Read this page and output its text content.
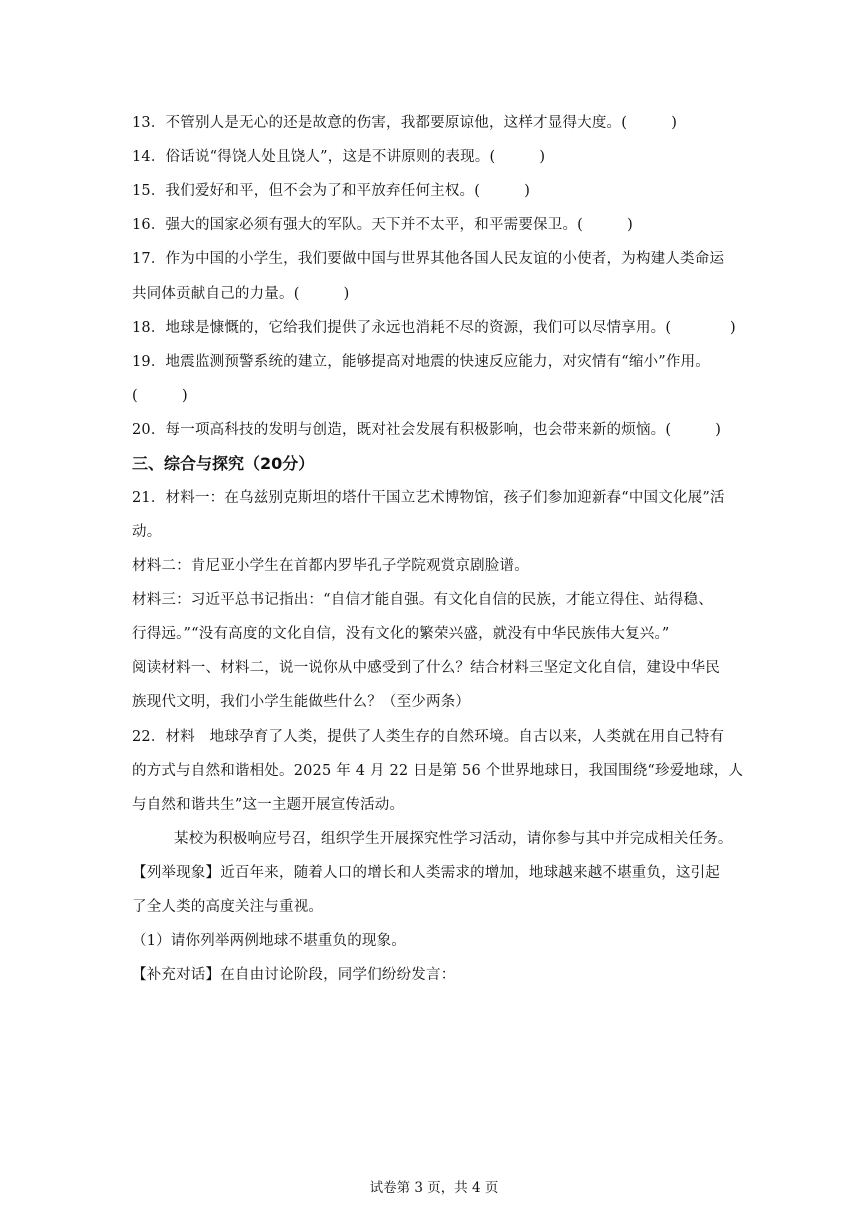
13．不管别人是无心的还是故意的伤害，我都要原谅他，这样才显得大度。(　　　)
14．俗话说“得饶人处且饶人”，这是不讲原则的表现。(　　　)
15．我们爱好和平，但不会为了和平放弃任何主权。(　　　)
16．强大的国家必须有强大的军队。天下并不太平，和平需要保卫。(　　　)
17．作为中国的小学生，我们要做中国与世界其他各国人民友谊的小使者，为构建人类命运
共同体贡献自己的力量。(　　　)
18．地球是慷慨的，它给我们提供了永远也消耗不尽的资源，我们可以尽情享用。(　　　　)
19．地震监测预警系统的建立，能够提高对地震的快速反应能力，对灾情有“缩小”作用。
(　　　)
20．每一项高科技的发明与创造，既对社会发展有积极影响，也会带来新的烦恼。(　　　)
三、综合与探究（20分）
21．材料一：在乌兹别克斯坦的塔什干国立艺术博物馆，孩子们参加迎新春“中国文化展”活
动。
材料二：肯尼亚小学生在首都内罗毕孔子学院观赏京剧脸谱。
材料三：习近平总书记指出：“自信才能自强。有文化自信的民族，才能立得住、站得稳、
行得远。”“没有高度的文化自信，没有文化的繁荣兴盛，就没有中华民族伟大复兴。”
阅读材料一、材料二，说一说你从中感受到了什么？结合材料三坚定文化自信，建设中华民
族现代文明，我们小学生能做些什么？（至少两条）
22．材料　地球孕育了人类，提供了人类生存的自然环境。自古以来，人类就在用自己特有
的方式与自然和谐相处。2025 年 4 月 22 日是第 56 个世界地球日，我国围绕“珍爱地球，人
与自然和谐共生”这一主题开展宣传活动。
某校为积极响应号召，组织学生开展探究性学习活动，请你参与其中并完成相关任务。
【列举现象】近百年来，随着人口的增长和人类需求的增加，地球越来越不堪重负，这引起
了全人类的高度关注与重视。
（1）请你列举两例地球不堪重负的现象。
【补充对话】在自由讨论阶段，同学们纷纷发言：
试卷第 3 页，共 4 页
